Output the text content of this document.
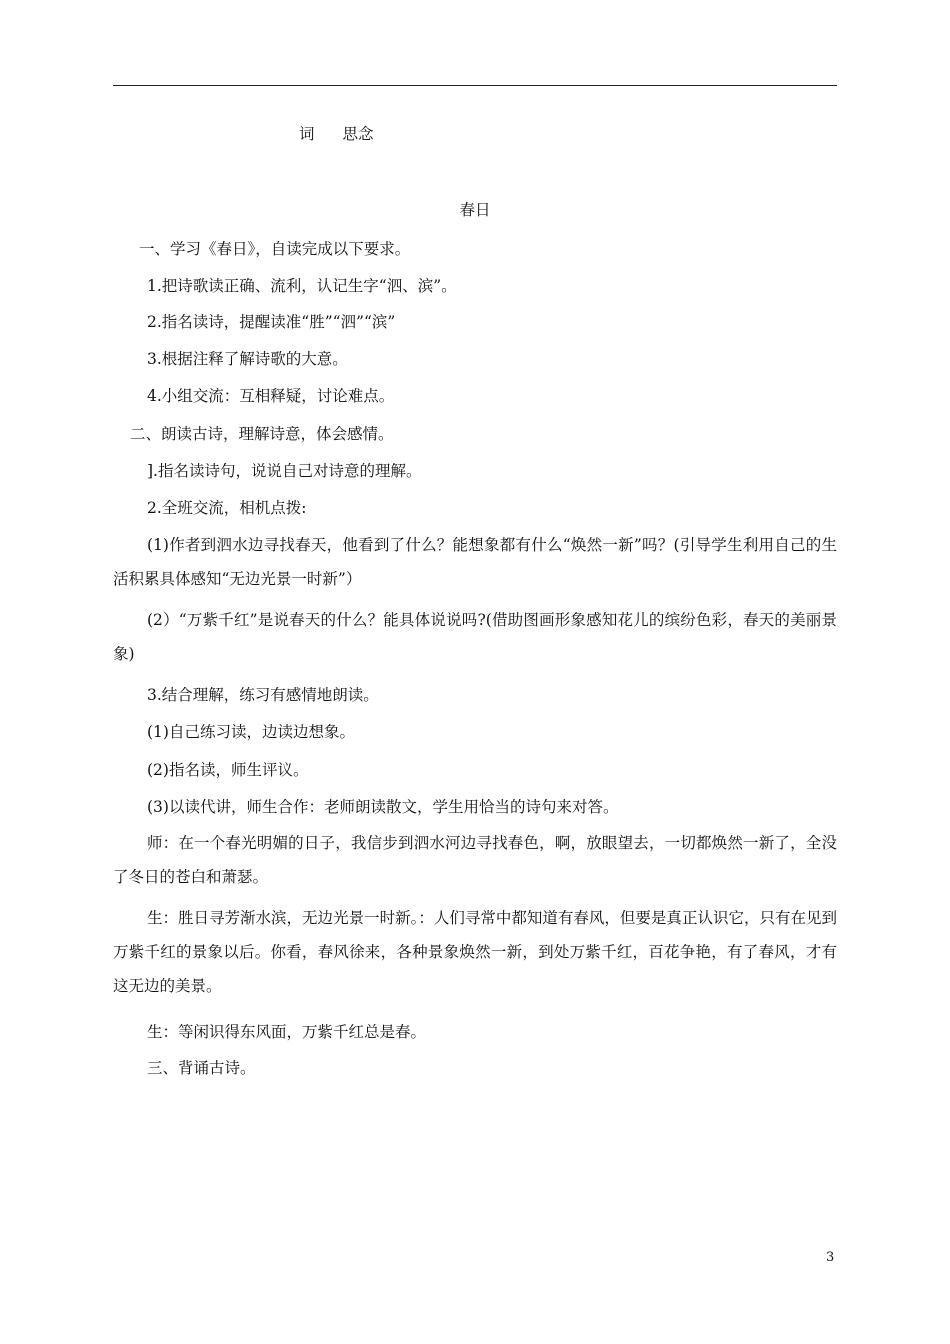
词 思念
春日
一、学习《春日》，自读完成以下要求。
1.把诗歌读正确、流利，认记生字“泗、滨”。
2.指名读诗，提醒读准“胜”“泗”“滨”
3.根据注释了解诗歌的大意。
4.小组交流：互相释疑，讨论难点。
二、朗读古诗，理解诗意，体会感情。
].指名读诗句，说说自己对诗意的理解。
2.全班交流，相机点拨:

(1)作者到泗水边寻找春天，他看到了什么？能想象都有什么“焕然一新”吗？(引导学生利用自己的生活积累具体感知“无边光景一时新”）

(2）“万紫千红”是说春天的什么？能具体说说吗?(借助图画形象感知花儿的缤纷色彩，春天的美丽景象)

3.结合理解，练习有感情地朗读。
(1)自己练习读，边读边想象。
(2)指名读，师生评议。
(3)以读代讲，师生合作：老师朗读散文，学生用恰当的诗句来对答。

师：在一个春光明媚的日子，我信步到泗水河边寻找春色，啊，放眼望去，一切都焕然一新了，全没了冬日的苍白和萧瑟。

生：胜日寻芳渐水滨，无边光景一时新。：人们寻常中都知道有春风，但要是真正认识它，只有在见到万紫千红的景象以后。你看，春风徐来，各种景象焕然一新，到处万紫千红，百花争艳，有了春风，才有这无边的美景。

生：等闲识得东风面，万紫千红总是春。
三、背诵古诗。
3
